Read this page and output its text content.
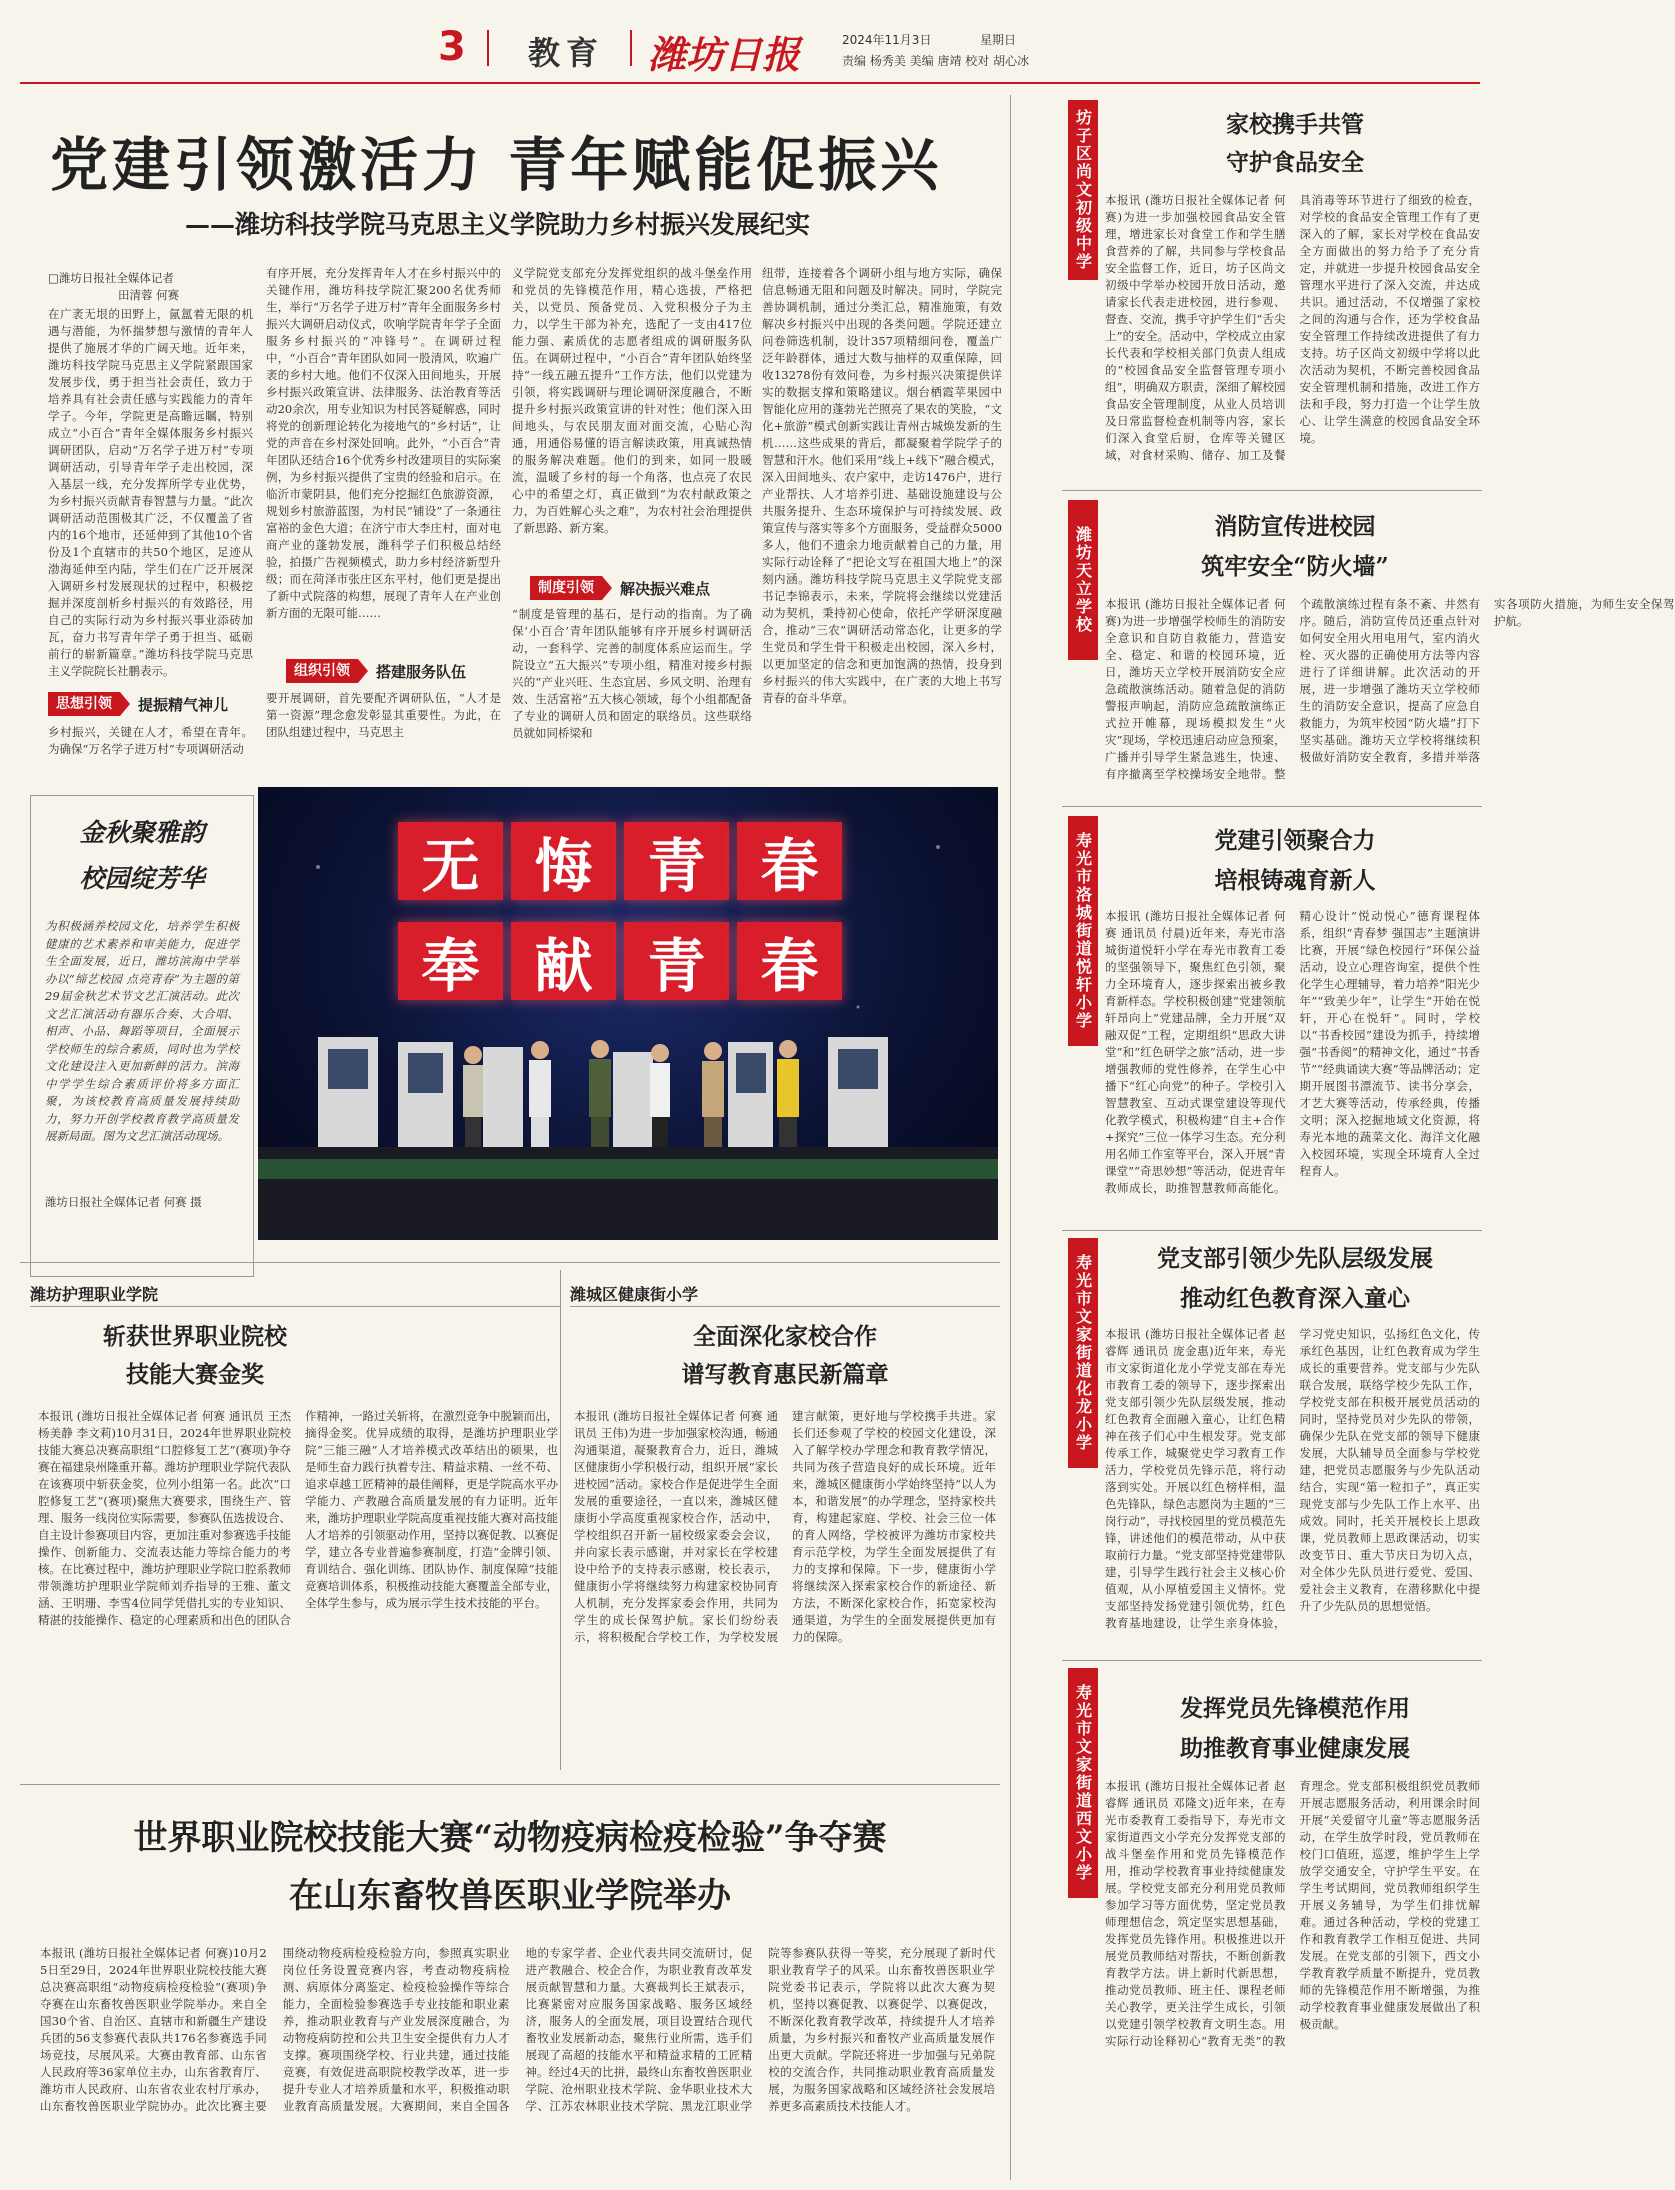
3 教育 潍坊日报	2024年11月3日	星期日
责编 杨秀美 美编 唐靖 校对 胡心冰
党建引领激活力 青年赋能促振兴
——潍坊科技学院马克思主义学院助力乡村振兴发展纪实
□潍坊日报社全媒体记者
田清蓉 何赛
在广袤无垠的田野上，氤氲着无限的机遇与潜能，为怀揣梦想与激情的青年人提供了施展才华的广阔天地。近年来，潍坊科技学院马克思主义学院紧跟国家发展步伐，勇于担当社会责任，致力于培养具有社会责任感与实践能力的青年学子。今年，学院更是高瞻远瞩，特别成立“小百合”青年全媒体服务乡村振兴调研团队，启动“万名学子进万村”专项调研活动，引导青年学子走出校园，深入基层一线，充分发挥所学专业优势，为乡村振兴贡献青春智慧与力量。“此次调研活动范围极其广泛，不仅覆盖了省内的16个地市，还延伸到了其他10个省份及1个直辖市的共50个地区，足迹从渤海延伸至内陆，学生们在广泛开展深入调研乡村发展现状的过程中，积极挖掘并深度剖析乡村振兴的有效路径，用自己的实际行动为乡村振兴事业添砖加瓦，奋力书写青年学子勇于担当、砥砺前行的崭新篇章。”潍坊科技学院马克思主义学院院长社鹏表示。
思想引领	提振精气神儿
乡村振兴，关键在人才，希望在青年。为确保“万名学子进万村”专项调研活动
有序开展，充分发挥青年人才在乡村振兴中的关键作用，潍坊科技学院汇聚200名优秀师生，举行“万名学子进万村”青年全面服务乡村振兴大调研启动仪式，吹响学院青年学子全面服务乡村振兴的“冲锋号”。在调研过程中，“小百合”青年团队如同一股清风，吹遍广袤的乡村大地。他们不仅深入田间地头，开展乡村振兴政策宣讲、法律服务、法治教育等活动20余次，用专业知识为村民答疑解惑，同时将党的创新理论转化为接地气的“乡村话”，让党的声音在乡村深处回响。此外，“小百合”青年团队还结合16个优秀乡村改建项目的实际案例，为乡村振兴提供了宝贵的经验和启示。在临沂市蒙阴县，他们充分挖掘红色旅游资源，规划乡村旅游蓝图，为村民“铺设”了一条通往富裕的金色大道；在济宁市大李庄村，面对电商产业的蓬勃发展，潍科学子们积极总结经验，拍摄广告视频模式，助力乡村经济新型升级；而在菏泽市张庄区东平村，他们更是提出了新中式院落的构想，展现了青年人在产业创新方面的无限可能……
组织引领	搭建服务队伍
要开展调研，首先要配齐调研队伍，“人才是第一资源”理念愈发彰显其重要性。为此，在团队组建过程中，马克思主
义学院党支部充分发挥党组织的战斗堡垒作用和党员的先锋模范作用，精心选拔，严格把关，以党员、预备党员、入党积极分子为主力，以学生干部为补充，选配了一支由417位能力强、素质优的志愿者组成的调研服务队伍。在调研过程中，“小百合”青年团队始终坚持“一线五融五提升”工作方法，他们以党建为引领，将实践调研与理论调研深度融合，不断提升乡村振兴政策宣讲的针对性；他们深入田间地头，与农民朋友面对面交流，心贴心沟通，用通俗易懂的语言解读政策，用真诚热情的服务解决难题。他们的到来，如同一股暖流，温暖了乡村的每一个角落，也点亮了农民心中的希望之灯，真正做到“为农村献政策之力，为百姓解心头之难”，为农村社会治理提供了新思路、新方案。
制度引领	解决振兴难点
“制度是管理的基石，是行动的指南。为了确保‘小百合’青年团队能够有序开展乡村调研活动，一套科学、完善的制度体系应运而生。学院设立“五大振兴”专项小组，精准对接乡村振兴的“产业兴旺、生态宜居、乡风文明、治理有效、生活富裕”五大核心领域，每个小组都配备了专业的调研人员和固定的联络员。这些联络员就如同桥梁和
纽带，连接着各个调研小组与地方实际，确保信息畅通无阻和问题及时解决。同时，学院完善协调机制，通过分类汇总，精准施策，有效解决乡村振兴中出现的各类问题。学院还建立问卷筛选机制，设计357项精细问卷，覆盖广泛年龄群体，通过大数与抽样的双重保障，回收13278份有效问卷，为乡村振兴决策提供详实的数据支撑和策略建议。烟台栖霞苹果园中智能化应用的蓬勃光芒照亮了果农的笑脸，“文化+旅游”模式创新实践让青州古城焕发新的生机……这些成果的背后，都凝聚着学院学子的智慧和汗水。他们采用“线上+线下”融合模式，深入田间地头、农户家中，走访1476户，进行产业帮扶、人才培养引进、基础设施建设与公共服务提升、生态环境保护与可持续发展、政策宣传与落实等多个方面服务，受益群众5000多人，他们不遗余力地贡献着自己的力量，用实际行动诠释了“把论文写在祖国大地上”的深刻内涵。潍坊科技学院马克思主义学院党支部书记李锦表示，未来，学院将会继续以党建活动为契机，秉持初心使命，依托产学研深度融合，推动“三农”调研活动常态化，让更多的学生党员和学生骨干积极走出校园，深入乡村，以更加坚定的信念和更加饱满的热情，投身到乡村振兴的伟大实践中，在广袤的大地上书写青春的奋斗华章。
无 悔 青 春
奉 献 青 春
金秋聚雅韵
校园绽芳华
为积极涵养校园文化，培养学生积极健康的艺术素养和审美能力，促进学生全面发展，近日，潍坊滨海中学举办以“缔艺校园 点亮青春”为主题的第29届金秋艺术节文艺汇演活动。此次文艺汇演活动有器乐合奏、大合唱、相声、小品、舞蹈等项目，全面展示学校师生的综合素质，同时也为学校文化建设注入更加新鲜的活力。滨海中学学生综合素质评价将多方面汇聚，为该校教育高质量发展持续助力，努力开创学校教育教学高质量发展新局面。图为文艺汇演活动现场。
潍坊日报社全媒体记者 何赛 摄
潍坊护理职业学院
斩获世界职业院校
技能大赛金奖
本报讯 (潍坊日报社全媒体记者 何赛 通讯员 王杰 杨美静 李文莉)10月31日，2024年世界职业院校技能大赛总决赛高职组“口腔修复工艺”(赛项)争夺赛在福建泉州隆重开幕。潍坊护理职业学院代表队在该赛项中斩获金奖，位列小组第一名。此次“口腔修复工艺”(赛项)聚焦大赛要求，围绕生产、管理、服务一线岗位实际需要，参赛队伍选拔设合、自主设计参赛项目内容，更加注重对参赛选手技能操作、创新能力、交流表达能力等综合能力的考核。在比赛过程中，潍坊护理职业学院口腔系教师带领潍坊护理职业学院师刘乔指导的王雅、董文涵、王明珊、李雪4位同学凭借扎实的专业知识、精湛的技能操作、稳定的心理素质和出色的团队合作精神，一路过关斩将，在激烈竞争中脱颖而出，摘得金奖。优异成绩的取得，是潍坊护理职业学院“三能三融”人才培养模式改革结出的硕果，也是师生奋力践行执着专注、精益求精、一丝不苟、追求卓越工匠精神的最佳阐释，更是学院高水平办学能力、产教融合高质量发展的有力证明。近年来，潍坊护理职业学院高度重视技能大赛对高技能人才培养的引领驱动作用，坚持以赛促教、以赛促学，建立各专业普遍参赛制度，打造“金牌引领、育训结合、强化训练、团队协作、制度保障”技能竞赛培训体系，积极推动技能大赛覆盖全部专业，全体学生参与，成为展示学生技术技能的平台。
潍城区健康街小学
全面深化家校合作
谱写教育惠民新篇章
本报讯 (潍坊日报社全媒体记者 何赛 通讯员 王伟)为进一步加强家校沟通，畅通沟通渠道，凝聚教育合力，近日，潍城区健康街小学积极行动，组织开展“家长进校园”活动。家校合作是促进学生全面发展的重要途径，一直以来，潍城区健康街小学高度重视家校合作，活动中，学校组织召开新一届校级家委会会议，并向家长表示感谢，并对家长在学校建设中给予的支持表示感谢，校长表示，健康街小学将继续努力构建家校协同育人机制，充分发挥家委会作用，共同为学生的成长保驾护航。家长们纷纷表示，将积极配合学校工作，为学校发展建言献策，更好地与学校携手共进。家长们还参观了学校的校园文化建设，深入了解学校办学理念和教育教学情况，共同为孩子营造良好的成长环境。近年来，潍城区健康街小学始终坚持“以人为本，和谐发展”的办学理念，坚持家校共育，构建起家庭、学校、社会三位一体的育人网络，学校被评为潍坊市家校共育示范学校，为学生全面发展提供了有力的支撑和保障。下一步，健康街小学将继续深入探索家校合作的新途径、新方法，不断深化家校合作，拓宽家校沟通渠道，为学生的全面发展提供更加有力的保障。
世界职业院校技能大赛“动物疫病检疫检验”争夺赛
在山东畜牧兽医职业学院举办
本报讯 (潍坊日报社全媒体记者 何赛)10月25日至29日，2024年世界职业院校技能大赛总决赛高职组“动物疫病检疫检验”(赛项)争夺赛在山东畜牧兽医职业学院举办。来自全国30个省、自治区、直辖市和新疆生产建设兵团的56支参赛代表队共176名参赛选手同场竞技，尽展风采。大赛由教育部、山东省人民政府等36家单位主办，山东省教育厅、潍坊市人民政府、山东省农业农村厅承办，山东畜牧兽医职业学院协办。此次比赛主要围绕动物疫病检疫检验方向，参照真实职业岗位任务设置竞赛内容，考查动物疫病检测、病原体分离鉴定、检疫检验操作等综合能力，全面检验参赛选手专业技能和职业素养，推动职业教育与产业发展深度融合，为动物疫病防控和公共卫生安全提供有力人才支撑。赛项围绕学校、行业共建，通过技能竞赛，有效促进高职院校教学改革，进一步提升专业人才培养质量和水平，积极推动职业教育高质量发展。大赛期间，来自全国各地的专家学者、企业代表共同交流研讨，促进产教融合、校企合作，为职业教育改革发展贡献智慧和力量。大赛裁判长王斌表示，比赛紧密对应服务国家战略、服务区域经济，服务人的全面发展，项目设置结合现代畜牧业发展新动态，聚焦行业所需，选手们展现了高超的技能水平和精益求精的工匠精神。经过4天的比拼，最终山东畜牧兽医职业学院、沧州职业技术学院、金华职业技术大学、江苏农林职业技术学院、黑龙江职业学院等参赛队获得一等奖，充分展现了新时代职业教育学子的风采。山东畜牧兽医职业学院党委书记表示，学院将以此次大赛为契机，坚持以赛促教、以赛促学、以赛促改，不断深化教育教学改革，持续提升人才培养质量，为乡村振兴和畜牧产业高质量发展作出更大贡献。学院还将进一步加强与兄弟院校的交流合作，共同推动职业教育高质量发展，为服务国家战略和区域经济社会发展培养更多高素质技术技能人才。
坊子区尚文初级中学	家校携手共管
守护食品安全
本报讯 (潍坊日报社全媒体记者 何赛)为进一步加强校园食品安全管理，增进家长对食堂工作和学生膳食营养的了解，共同参与学校食品安全监督工作，近日，坊子区尚文初级中学举办校园开放日活动，邀请家长代表走进校园，进行参观、督查、交流，携手守护学生们“舌尖上”的安全。活动中，学校成立由家长代表和学校相关部门负责人组成的“校园食品安全监督管理专项小组”，明确双方职责，深细了解校园食品安全管理制度，从业人员培训及日常监督检查机制等内容，家长们深入食堂后厨，仓库等关键区域，对食材采购、储存、加工及餐具消毒等环节进行了细致的检查，对学校的食品安全管理工作有了更深入的了解，家长对学校在食品安全方面做出的努力给予了充分肯定，并就进一步提升校园食品安全管理水平进行了深入交流，并达成共识。通过活动，不仅增强了家校之间的沟通与合作，还为学校食品安全管理工作持续改进提供了有力支持。坊子区尚文初级中学将以此次活动为契机，不断完善校园食品安全管理机制和措施，改进工作方法和手段，努力打造一个让学生放心、让学生满意的校园食品安全环境。
潍坊天立学校	消防宣传进校园
筑牢安全“防火墙”
本报讯 (潍坊日报社全媒体记者 何赛)为进一步增强学校师生的消防安全意识和自防自救能力，营造安全、稳定、和谐的校园环境，近日，潍坊天立学校开展消防安全应急疏散演练活动。随着急促的消防警报声响起，消防应急疏散演练正式拉开帷幕，现场模拟发生“火灾”现场，学校迅速启动应急预案，广播并引导学生紧急逃生，快速、有序撤离至学校操场安全地带。整个疏散演练过程有条不紊、井然有序。随后，消防宣传员还重点针对如何安全用火用电用气，室内消火栓、灭火器的正确使用方法等内容进行了详细讲解。此次活动的开展，进一步增强了潍坊天立学校师生的消防安全意识，提高了应急自救能力，为筑牢校园“防火墙”打下坚实基础。潍坊天立学校将继续积极做好消防安全教育，多措并举落实各项防火措施，为师生安全保驾护航。
寿光市洛城街道悦轩小学	党建引领聚合力
培根铸魂育新人
本报讯 (潍坊日报社全媒体记者 何赛 通讯员 付晨)近年来，寿光市洛城街道悦轩小学在寿光市教育工委的坚强领导下，聚焦红色引领，聚力全环境育人，逐步探索出被乡教育新样态。学校积极创建“党建领航 轩昂向上”党建品牌，全力开展“双融双促”工程，定期组织“思政大讲堂”和“红色研学之旅”活动，进一步增强教师的党性修养，在学生心中播下“红心向党”的种子。学校引入智慧教室、互动式课堂建设等现代化教学模式，积极构建“自主+合作+探究”三位一体学习生态。充分利用名师工作室等平台，深入开展“青课堂”“奇思妙想”等活动，促进青年教师成长，助推智慧教师高能化。精心设计“悦动悦心”德育课程体系，组织“青春梦 强国志”主题演讲比赛，开展“绿色校园行”环保公益活动，设立心理咨询室，提供个性化学生心理辅导，着力培养“阳光少年”“致美少年”，让学生“开始在悦轩，开心在悦轩”。同时，学校以“书香校园”建设为抓手，持续增强“书香阅”的精神文化，通过“书香节”“经典诵读大赛”等品牌活动；定期开展图书漂流节、读书分享会，才艺大赛等活动，传承经典，传播文明；深入挖掘地域文化资源，将寿光本地的蔬菜文化、海洋文化融入校园环境，实现全环境育人全过程育人。
寿光市文家街道化龙小学	党支部引领少先队层级发展
推动红色教育深入童心
本报讯 (潍坊日报社全媒体记者 赵睿辉 通讯员 庞金惠)近年来，寿光市文家街道化龙小学党支部在寿光市教育工委的领导下，逐步探索出党支部引领少先队层级发展，推动红色教育全面融入童心，让红色精神在孩子们心中生根发芽。党支部传承工作，城聚党史学习教育工作活力，学校党员先锋示范，将行动落到实处。开展以红色榜样相，温色先锋队，绿色志愿岗为主题的“三岗行动”，寻找校园里的党员模范先锋，讲述他们的模范带动，从中获取前行力量。“党支部坚持党建带队建，引导学生践行社会主义核心价值观，从小厚植爱国主义情怀。党支部坚持发扬党建引领优势，红色教育基地建设，让学生亲身体验，学习党史知识，弘扬红色文化，传承红色基因，让红色教育成为学生成长的重要营养。党支部与少先队联合发展，联络学校少先队工作，学校党支部在积极开展党员活动的同时，坚持党员对少先队的带领，确保少先队在党支部的领导下健康发展，大队辅导员全面参与学校党建，把党员志愿服务与少先队活动结合，实现“第一粒扣子”，真正实现党支部与少先队工作上水平、出成效。同时，托关开展校长上思政课，党员教师上思政课活动，切实改变节日、重大节庆日为切入点，对全体少先队员进行爱党、爱国、爱社会主义教育，在潜移默化中提升了少先队员的思想觉悟。
寿光市文家街道西文小学	发挥党员先锋模范作用
助推教育事业健康发展
本报讯 (潍坊日报社全媒体记者 赵睿辉 通讯员 邓隆文)近年来，在寿光市委教育工委指导下，寿光市文家街道西文小学充分发挥党支部的战斗堡垒作用和党员先锋模范作用，推动学校教育事业持续健康发展。学校党支部充分利用党员教师参加学习等方面优势，坚定党员教师理想信念，筑定坚实思想基础，发挥党员先锋作用。积极推进以开展党员教师结对帮扶，不断创新教育教学方法。讲上新时代新思想，推动党员教师、班主任、课程老师关心教学，更关注学生成长，引领以党建引领学校教育文明生态。用实际行动诠释初心“教育无类”的教育理念。党支部积极组织党员教师开展志愿服务活动，利用课余时间开展“关爱留守儿童”等志愿服务活动，在学生放学时段，党员教师在校门口值班，巡逻，维护学生上学放学交通安全，守护学生平安。在学生考试期间，党员教师组织学生开展义务辅导，为学生们排忧解难。通过各种活动，学校的党建工作和教育教学工作相互促进、共同发展。在党支部的引领下，西文小学教育教学质量不断提升，党员教师的先锋模范作用不断增强，为推动学校教育事业健康发展做出了积极贡献。
